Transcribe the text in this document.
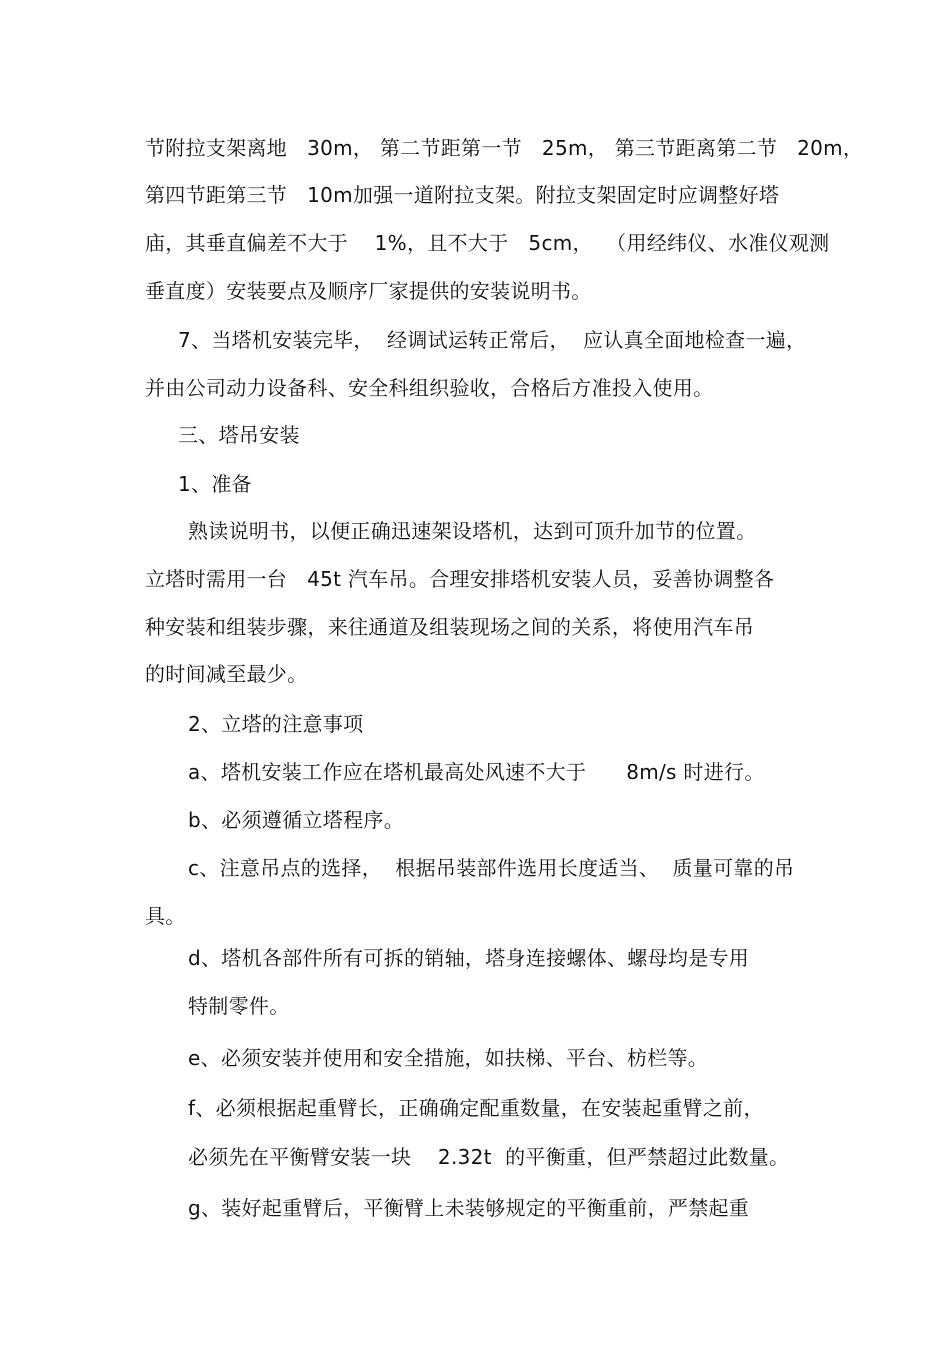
节附拉支架离地   30m， 第二节距第一节   25m， 第三节距离第二节   20m，
第四节距第三节   10m加强一道附拉支架。附拉支架固定时应调整好塔
庙，其垂直偏差不大于    1%，且不大于   5cm，  （用经纬仪、水准仪观测
垂直度）安装要点及顺序厂家提供的安装说明书。
7、当塔机安装完毕，  经调试运转正常后，  应认真全面地检查一遍，
并由公司动力设备科、安全科组织验收，合格后方准投入使用。
三、塔吊安装
1、准备
熟读说明书，以便正确迅速架设塔机，达到可顶升加节的位置。
立塔时需用一台   45t 汽车吊。合理安排塔机安装人员，妥善协调整各
种安装和组装步骤，来往通道及组装现场之间的关系，将使用汽车吊
的时间减至最少。
2、立塔的注意事项
a、塔机安装工作应在塔机最高处风速不大于      8m/s 时进行。
b、必须遵循立塔程序。
c、注意吊点的选择，  根据吊装部件选用长度适当、  质量可靠的吊
具。
d、塔机各部件所有可拆的销轴，塔身连接螺体、螺母均是专用
特制零件。
e、必须安装并使用和安全措施，如扶梯、平台、枋栏等。
f、必须根据起重臂长，正确确定配重数量，在安装起重臂之前，
必须先在平衡臂安装一块    2.32t  的平衡重，但严禁超过此数量。
g、装好起重臂后，平衡臂上未装够规定的平衡重前，严禁起重
